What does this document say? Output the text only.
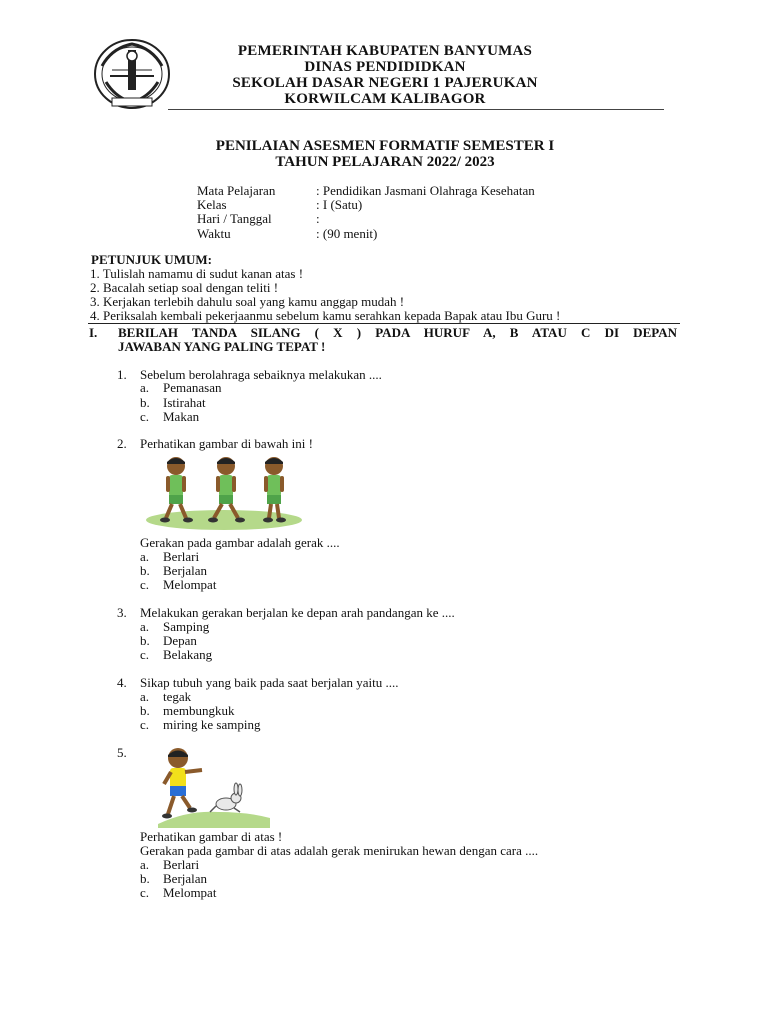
PEMERINTAH KABUPATEN BANYUMAS
DINAS PENDIDIDKAN
SEKOLAH DASAR NEGERI 1 PAJERUKAN
KORWILCAM KALIBAGOR
PENILAIAN ASESMEN FORMATIF SEMESTER I
TAHUN PELAJARAN 2022/ 2023
Mata Pelajaran	: Pendidikan Jasmani Olahraga Kesehatan
Kelas	: I (Satu)
Hari / Tanggal	:
Waktu	: (90 menit)
PETUNJUK UMUM:
1. Tulislah namamu di sudut kanan atas !
2. Bacalah setiap soal dengan teliti !
3. Kerjakan terlebih dahulu soal yang kamu anggap mudah !
4. Periksalah kembali pekerjaanmu sebelum kamu serahkan kepada Bapak atau Ibu Guru !
I. BERILAH TANDA SILANG ( X ) PADA HURUF A, B ATAU C DI DEPAN
JAWABAN YANG PALING TEPAT !
1. Sebelum berolahraga sebaiknya melakukan ....
a. Pemanasan
b. Istirahat
c. Makan
2. Perhatikan gambar di bawah ini !
Gerakan pada gambar adalah gerak ....
a. Berlari
b. Berjalan
c. Melompat
3. Melakukan gerakan berjalan ke depan arah pandangan ke ....
a. Samping
b. Depan
c. Belakang
4. Sikap tubuh yang baik pada saat berjalan yaitu ....
a. tegak
b. membungkuk
c. miring ke samping
5.
Perhatikan gambar di atas !
Gerakan pada gambar di atas adalah gerak menirukan hewan dengan cara ....
a. Berlari
b. Berjalan
c. Melompat
